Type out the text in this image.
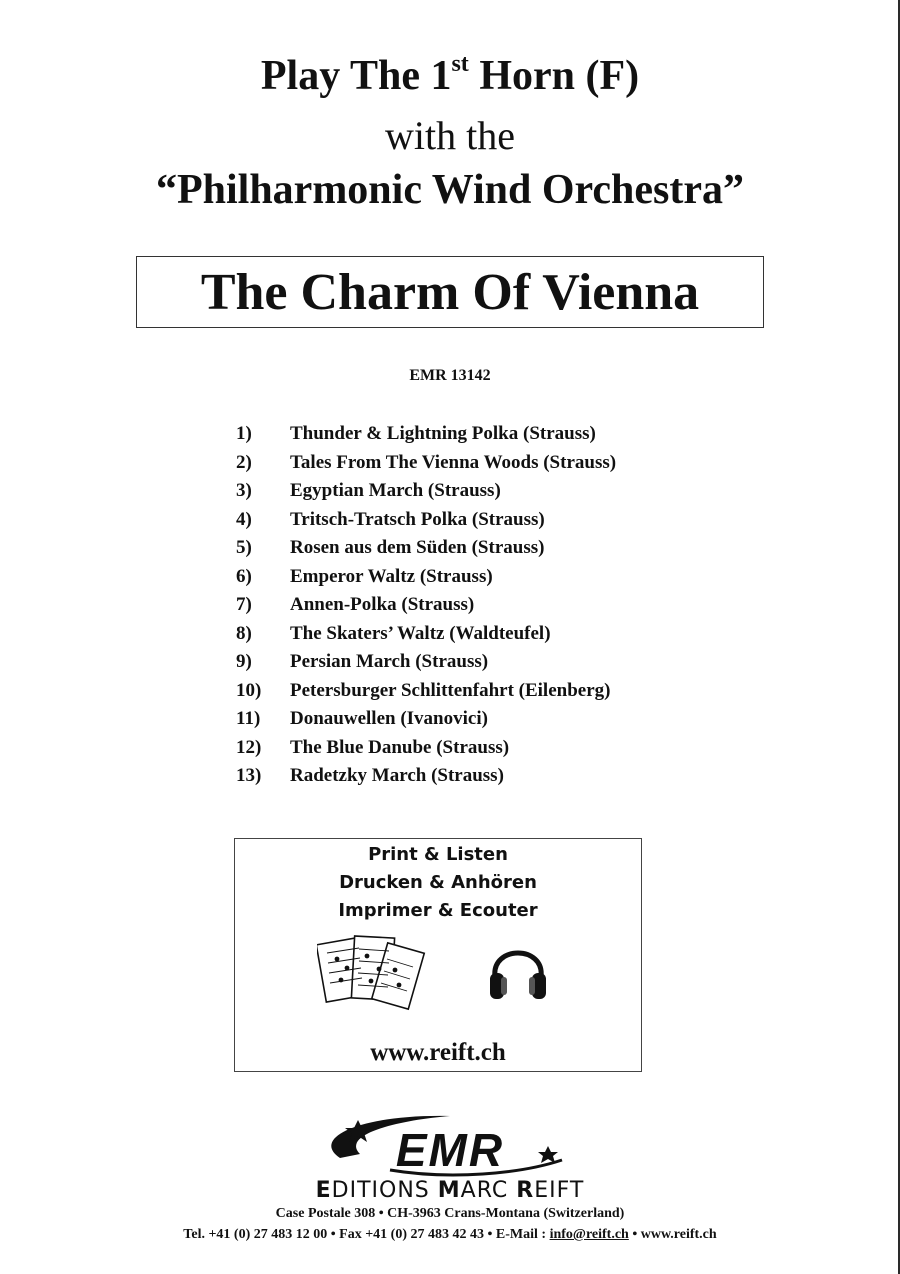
Play The 1st Horn (F)
with the
“Philharmonic Wind Orchestra”
The Charm Of Vienna
EMR 13142
1)	Thunder & Lightning Polka (Strauss)
2)	Tales From The Vienna Woods (Strauss)
3)	Egyptian March (Strauss)
4)	Tritsch-Tratsch Polka (Strauss)
5)	Rosen aus dem Süden (Strauss)
6)	Emperor Waltz (Strauss)
7)	Annen-Polka (Strauss)
8)	The Skaters’ Waltz (Waldteufel)
9)	Persian March (Strauss)
10)	Petersburger Schlittenfahrt (Eilenberg)
11)	Donauwellen (Ivanovici)
12)	The Blue Danube (Strauss)
13)	Radetzky March (Strauss)
Print & Listen
Drucken & Anhören
Imprimer & Ecouter
www.reift.ch
EMR
EDITIONS MARC REIFT
Case Postale 308 • CH-3963 Crans-Montana (Switzerland)
Tel. +41 (0) 27 483 12 00 • Fax +41 (0) 27 483 42 43 • E-Mail : info@reift.ch • www.reift.ch
